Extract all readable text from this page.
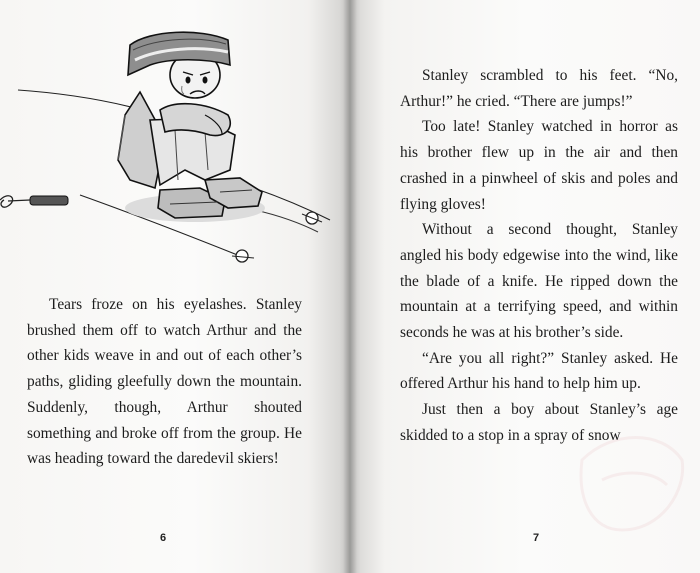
Tears froze on his eyelashes. Stanley brushed them off to watch Arthur and the other kids weave in and out of each other’s paths, gliding gleefully down the mountain. Suddenly, though, Arthur shouted something and broke off from the group. He was heading toward the daredevil skiers!

6

Stanley scrambled to his feet. “No, Arthur!” he cried. “There are jumps!”

Too late! Stanley watched in horror as his brother flew up in the air and then crashed in a pinwheel of skis and poles and flying gloves!

Without a second thought, Stanley angled his body edgewise into the wind, like the blade of a knife. He ripped down the mountain at a terrifying speed, and within seconds he was at his brother’s side.

“Are you all right?” Stanley asked. He offered Arthur his hand to help him up.

Just then a boy about Stanley’s age skidded to a stop in a spray of snow

7
